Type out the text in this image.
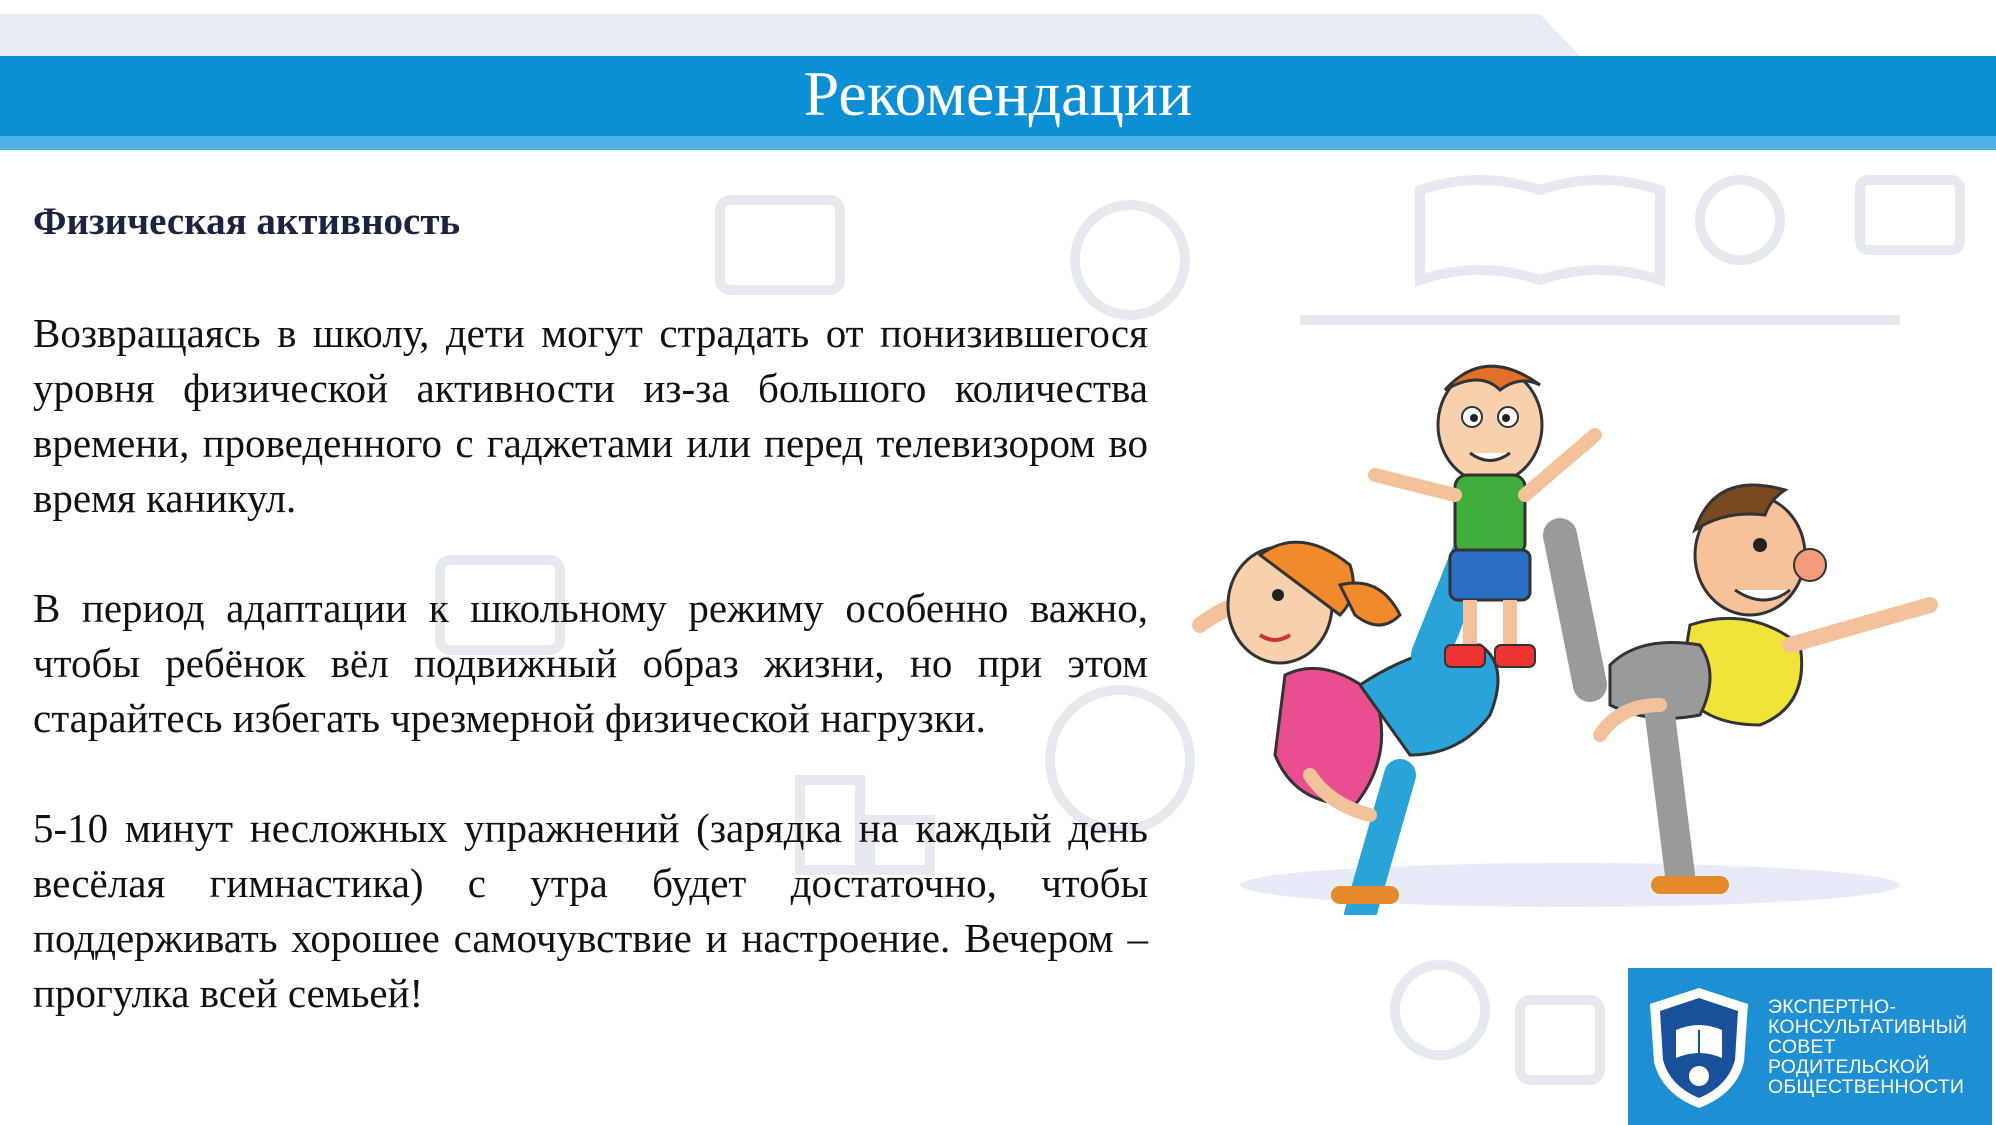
Рекомендации
Физическая активность

Возвращаясь в школу, дети могут страдать от понизившегося уровня физической активности из-за большого количества времени, проведенного с гаджетами или перед телевизором во время каникул.

В период адаптации к школьному режиму особенно важно, чтобы ребёнок вёл подвижный образ жизни, но при этом старайтесь избегать чрезмерной физической нагрузки.

5-10 минут несложных упражнений (зарядка на каждый день весёлая гимнастика) с утра будет достаточно, чтобы поддерживать хорошее самочувствие и настроение. Вечером – прогулка всей семьей!	ЭКСПЕРТНО-
КОНСУЛЬТАТИВНЫЙ
СОВЕТ
РОДИТЕЛЬСКОЙ
ОБЩЕСТВЕННОСТИ
